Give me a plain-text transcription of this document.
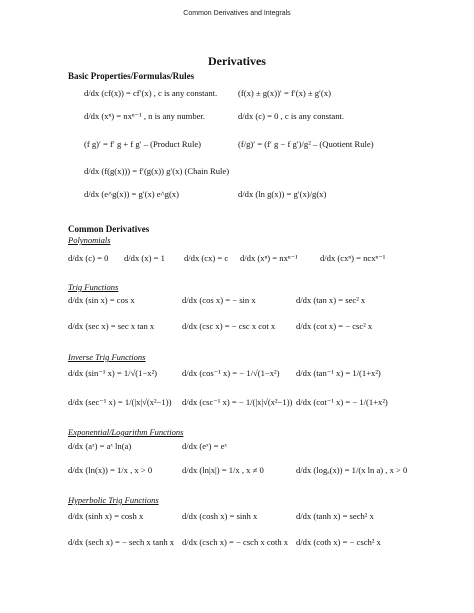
Common Derivatives and Integrals
Derivatives
Basic Properties/Formulas/Rules
d/dx (cf(x)) = cf′(x) , c is any constant. (f(x) ± g(x))′ = f′(x) ± g′(x)
d/dx (xⁿ) = nxⁿ⁻¹ , n is any number.	d/dx (c) = 0 , c is any constant.
(f g)′ = f′ g + f g′ – (Product Rule)	(f/g)′ = (f′ g − f g′)/g² – (Quotient Rule)
d/dx (f(g(x))) = f′(g(x)) g′(x) (Chain Rule)
d/dx (e^g(x)) = g′(x) e^g(x)	d/dx (ln g(x)) = g′(x)/g(x)
Common Derivatives
Polynomials
d/dx (c) = 0 d/dx (x) = 1 d/dx (cx) = c d/dx (xⁿ) = nxⁿ⁻¹	d/dx (cxⁿ) = ncxⁿ⁻¹
Trig Functions
d/dx (sin x) = cos x	d/dx (cos x) = − sin x	d/dx (tan x) = sec² x
d/dx (sec x) = sec x tan x	d/dx (csc x) = − csc x cot x d/dx (cot x) = − csc² x
Inverse Trig Functions
d/dx (sin⁻¹ x) = 1/√(1−x²)	d/dx (cos⁻¹ x) = − 1/√(1−x²) d/dx (tan⁻¹ x) = 1/(1+x²)
d/dx (sec⁻¹ x) = 1/(|x|√(x²−1)) d/dx (csc⁻¹ x) = − 1/(|x|√(x²−1)) d/dx (cot⁻¹ x) = − 1/(1+x²)
Exponential/Logarithm Functions
d/dx (aˣ) = aˣ ln(a)	d/dx (eˣ) = eˣ
d/dx (ln(x)) = 1/x , x > 0	d/dx (ln|x|) = 1/x , x ≠ 0	d/dx (logₐ(x)) = 1/(x ln a) , x > 0
Hyperbolic Trig Functions
d/dx (sinh x) = cosh x	d/dx (cosh x) = sinh x	d/dx (tanh x) = sech² x
d/dx (sech x) = − sech x tanh x d/dx (csch x) = − csch x coth x d/dx (coth x) = − csch² x
